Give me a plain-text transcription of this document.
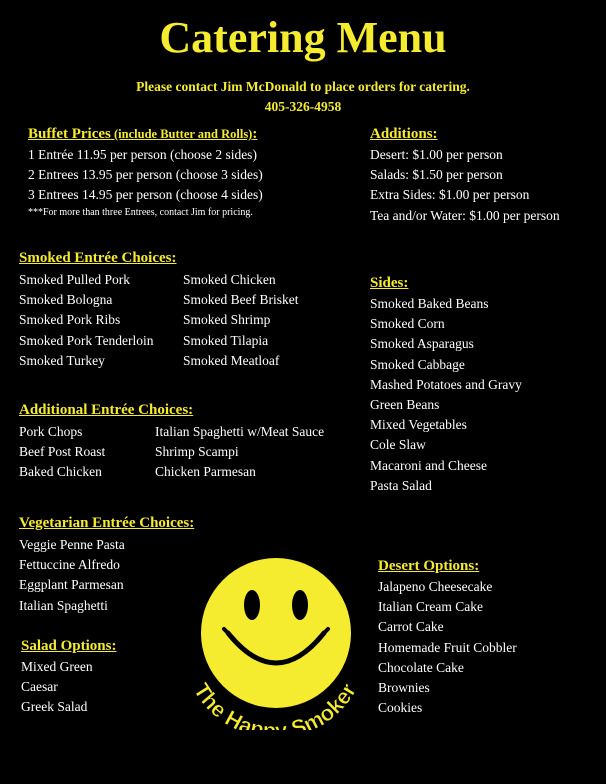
Catering Menu
Please contact Jim McDonald to place orders for catering.
405-326-4958
Buffet Prices (include Butter and Rolls):
1 Entrée 11.95 per person (choose 2 sides)
2 Entrees 13.95 per person (choose 3 sides)
3 Entrees 14.95 per person (choose 4 sides)
***For more than three Entrees, contact Jim for pricing.
Additions:
Desert: $1.00 per person
Salads: $1.50 per person
Extra Sides: $1.00 per person
Tea and/or Water: $1.00 per person
Smoked Entrée Choices:
Smoked Pulled Pork
Smoked Bologna
Smoked Pork Ribs
Smoked Pork Tenderloin
Smoked Turkey
Smoked Chicken
Smoked Beef Brisket
Smoked Shrimp
Smoked Tilapia
Smoked Meatloaf
Sides:
Smoked Baked Beans
Smoked Corn
Smoked Asparagus
Smoked Cabbage
Mashed Potatoes and Gravy
Green Beans
Mixed Vegetables
Cole Slaw
Macaroni and Cheese
Pasta Salad
Additional Entrée Choices:
Pork Chops
Beef Post Roast
Baked Chicken
Italian Spaghetti w/Meat Sauce
Shrimp Scampi
Chicken Parmesan
Vegetarian Entrée Choices:
Veggie Penne Pasta
Fettuccine Alfredo
Eggplant Parmesan
Italian Spaghetti
Salad Options:
Mixed Green
Caesar
Greek Salad
Desert Options:
Jalapeno Cheesecake
Italian Cream Cake
Carrot Cake
Homemade Fruit Cobbler
Chocolate Cake
Brownies
Cookies
The Hap Smoker
